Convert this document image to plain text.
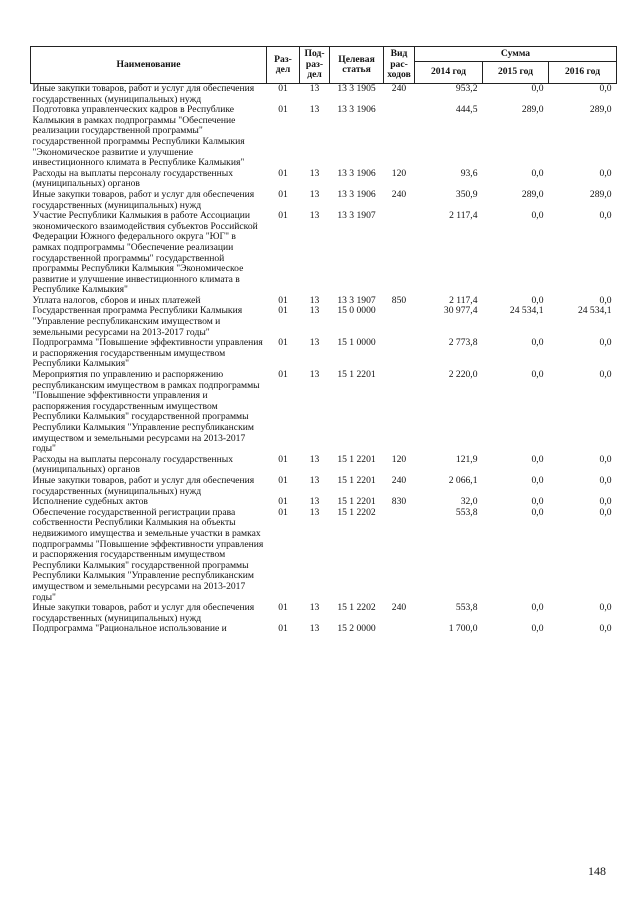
Наименование	Раз-дел	Под-раз-дел	Целевая статья	Вид рас-ходов	Сумма		
					2014 год	2015 год	2016 год
Иные закупки товаров, работ и услуг для обеспечения государственных (муниципальных) нужд	01	13	13 3 1905	240	953,2	0,0	0,0
Подготовка управленческих кадров в Республике Калмыкия в рамках подпрограммы "Обеспечение реализации государственной программы" государственной программы Республики Калмыкия "Экономическое развитие и улучшение инвестиционного климата в Республике Калмыкия"	01	13	13 3 1906		444,5	289,0	289,0
Расходы на выплаты персоналу государственных (муниципальных) органов	01	13	13 3 1906	120	93,6	0,0	0,0
Иные закупки товаров, работ и услуг для обеспечения государственных (муниципальных) нужд	01	13	13 3 1906	240	350,9	289,0	289,0
Участие Республики Калмыкия в работе Ассоциации экономического взаимодействия субъектов Российской Федерации Южного федерального округа "ЮГ" в рамках подпрограммы "Обеспечение реализации государственной программы" государственной программы Республики Калмыкия "Экономическое развитие и улучшение инвестиционного климата в Республике Калмыкия"	01	13	13 3 1907		2 117,4	0,0	0,0
Уплата налогов, сборов и иных платежей	01	13	13 3 1907	850	2 117,4	0,0	0,0
Государственная программа Республики Калмыкия "Управление республиканским имуществом и земельными ресурсами на 2013-2017 годы"	01	13	15 0 0000		30 977,4	24 534,1	24 534,1
Подпрограмма "Повышение эффективности управления и распоряжения государственным имуществом Республики Калмыкия"	01	13	15 1 0000		2 773,8	0,0	0,0
Мероприятия по управлению и распоряжению республиканским имуществом в рамках подпрограммы "Повышение эффективности управления и распоряжения государственным имуществом Республики Калмыкия" государственной программы Республики Калмыкия "Управление республиканским имуществом и земельными ресурсами на 2013-2017 годы"	01	13	15 1 2201		2 220,0	0,0	0,0
Расходы на выплаты персоналу государственных (муниципальных) органов	01	13	15 1 2201	120	121,9	0,0	0,0
Иные закупки товаров, работ и услуг для обеспечения государственных (муниципальных) нужд	01	13	15 1 2201	240	2 066,1	0,0	0,0
Исполнение судебных актов	01	13	15 1 2201	830	32,0	0,0	0,0
Обеспечение государственной регистрации права собственности Республики Калмыкия на объекты недвижимого имущества и земельные участки в рамках подпрограммы "Повышение эффективности управления и распоряжения государственным имуществом Республики Калмыкия" государственной программы Республики Калмыкия "Управление республиканским имуществом и земельными ресурсами на 2013-2017 годы"	01	13	15 1 2202		553,8	0,0	0,0
Иные закупки товаров, работ и услуг для обеспечения государственных (муниципальных) нужд	01	13	15 1 2202	240	553,8	0,0	0,0
Подпрограмма "Рациональное использование и	01	13	15 2 0000		1 700,0	0,0	0,0
148
